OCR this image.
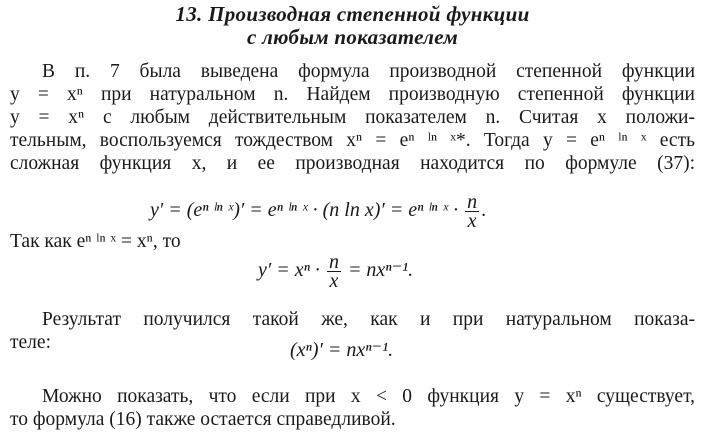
13. Производная степенной функции
с любым показателем
В п. 7 была выведена формула производной степенной функции
y = xⁿ при натуральном n. Найдем производную степенной функции
y = xⁿ с любым действительным показателем n. Считая x положи-
тельным, воспользуемся тождеством xⁿ = eⁿ ˡⁿ ˣ*. Тогда y = eⁿ ˡⁿ ˣ есть
сложная функция x, и ее производная находится по формуле (37):
y′ = (eⁿ ˡⁿ ˣ)′ = eⁿ ˡⁿ ˣ · (n ln x)′ = eⁿ ˡⁿ ˣ · $\frac{n}{x}$ .
Так как eⁿ ˡⁿ ˣ = xⁿ, то
$y' = x^n \cdot \frac{n}{x} = nx^{n-1}$.
Результат получился такой же, как и при натуральном показа-
теле:	(xⁿ)′ = nxⁿ⁻¹.
Можно показать, что если при x < 0 функция y = xⁿ существует,
то формула (16) также остается справедливой.
